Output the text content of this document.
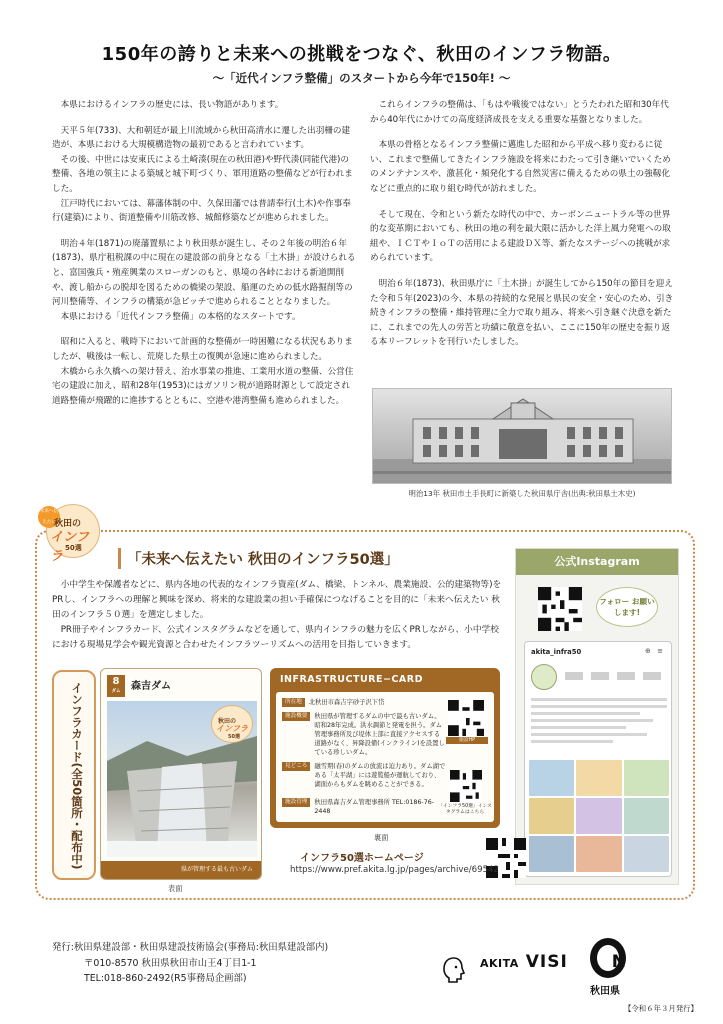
150年の誇りと未来への挑戦をつなぐ、秋田のインフラ物語。
～「近代インフラ整備」のスタートから今年で150年! ～

本県におけるインフラの歴史には、長い物語があります。

天平５年(733)、大和朝廷が最上川流域から秋田高清水に遷した出羽柵の建造が、本県における大規模構造物の最初であると言われています。

その後、中世には安東氏による土崎湊(現在の秋田港)や野代湊(同能代港)の整備、各地の領主による築城と城下町づくり、軍用道路の整備などが行われました。

江戸時代においては、幕藩体制の中、久保田藩では普請奉行(土木)や作事奉行(建築)により、街道整備や川筋改修、城館修築などが進められました。

明治４年(1871)の廃藩置県により秋田県が誕生し、その２年後の明治６年(1873)、県庁租税課の中に現在の建設部の前身となる「土木掛」が設けられると、富国強兵・殖産興業のスローガンのもと、県境の各峠における新道開削や、渡し船からの脱却を図るための橋梁の架設、船運のための低水路掘削等の河川整備等、インフラの構築が急ピッチで進められることとなりました。

本県における「近代インフラ整備」の本格的なスタートです。

昭和に入ると、戦時下において計画的な整備が一時困難になる状況もありましたが、戦後は一転し、荒廃した県土の復興が急速に進められました。

木橋から永久橋への架け替え、治水事業の推進、工業用水道の整備、公営住宅の建設に加え、昭和28年(1953)にはガソリン税が道路財源として設定され道路整備が飛躍的に進捗するとともに、空港や港湾整備も進められました。

これらインフラの整備は、「もはや戦後ではない」とうたわれた昭和30年代から40年代にかけての高度経済成長を支える重要な基盤となりました。

本県の骨格となるインフラ整備に邁進した昭和から平成へ移り変わるに従い、これまで整備してきたインフラ施設を将来にわたって引き継いでいくためのメンテナンスや、激甚化・頻発化する自然災害に備えるための県土の強靱化などに重点的に取り組む時代が訪れました。

そして現在、令和という新たな時代の中で、カーボンニュートラル等の世界的な変革期においても、秋田の地の利を最大限に活かした洋上風力発電への取組や、ＩＣＴやＩｏＴの活用による建設ＤＸ等、新たなステージへの挑戦が求められています。

明治６年(1873)、秋田県庁に「土木掛」が誕生してから150年の節目を迎えた令和５年(2023)の今、本県の持続的な発展と県民の安全・安心のため、引き続きインフラの整備・維持管理に全力で取り組み、将来へ引き継ぐ決意を新たに、これまでの先人の労苦と功績に敬意を払い、ここに150年の歴史を振り返る本リーフレットを刊行いたしました。

明治13年 秋田市土手長町に新築した秋田県庁舎(出典:秋田県土木史)
未来へ伝えたい
秋田の
インフラ
50選
「未来へ伝えたい 秋田のインフラ50選」

小中学生や保護者などに、県内各地の代表的なインフラ資産(ダム、橋梁、トンネル、農業施設、公的建築物等)をPRし、インフラへの理解と興味を深め、将来的な建設業の担い手確保につなげることを目的に「未来へ伝えたい 秋田のインフラ５０選」を選定しました。

PR冊子やインフラカード、公式インスタグラムなどを通して、県内インフラの魅力を広くPRしながら、小中学校における現場見学会や観光資源と合わせたインフラツーリズムへの活用を目指していきます。

公式Instagram
フォロー お願いします!
akita_infra50	⊕ ≡
インフラカード(全50箇所・配布中)
8
ダム	森吉ダム
秋田の
インフラ
50選
県が管理する最も古いダム
表面
INFRASTRUCTURE−CARD
所在地 北秋田市森吉字砂子沢下岱
施設概要 秋田県が管理するダムの中で最も古いダム。昭和28年完成。洪水調節と発電を担う。ダム管理事務所及び堤体上部に直接アクセスする道路がなく、昇降設備(インクライン)を設置している珍しいダム。
見どころ 融雪期(春)のダムの放流は迫力あり。ダム湖である「太平湖」には遊覧船が運航しており、湖面からもダムを眺めることができる。
施設管理 秋田県森吉ダム管理事務所 TEL:0186-76-2448
施設HP
「インフラ50選」インスタグラムはこちら
裏面
インフラ50選ホームページ
https://www.pref.akita.lg.jp/pages/archive/69542
発行:秋田県建設部・秋田県建設技術協会(事務局:秋田県建設部内)
〒010-8570 秋田県秋田市山王4丁目1-1
TEL:018-860-2492(R5事務局企画部)
AKITA VISI	N
秋田県
【令和６年３月発行】
